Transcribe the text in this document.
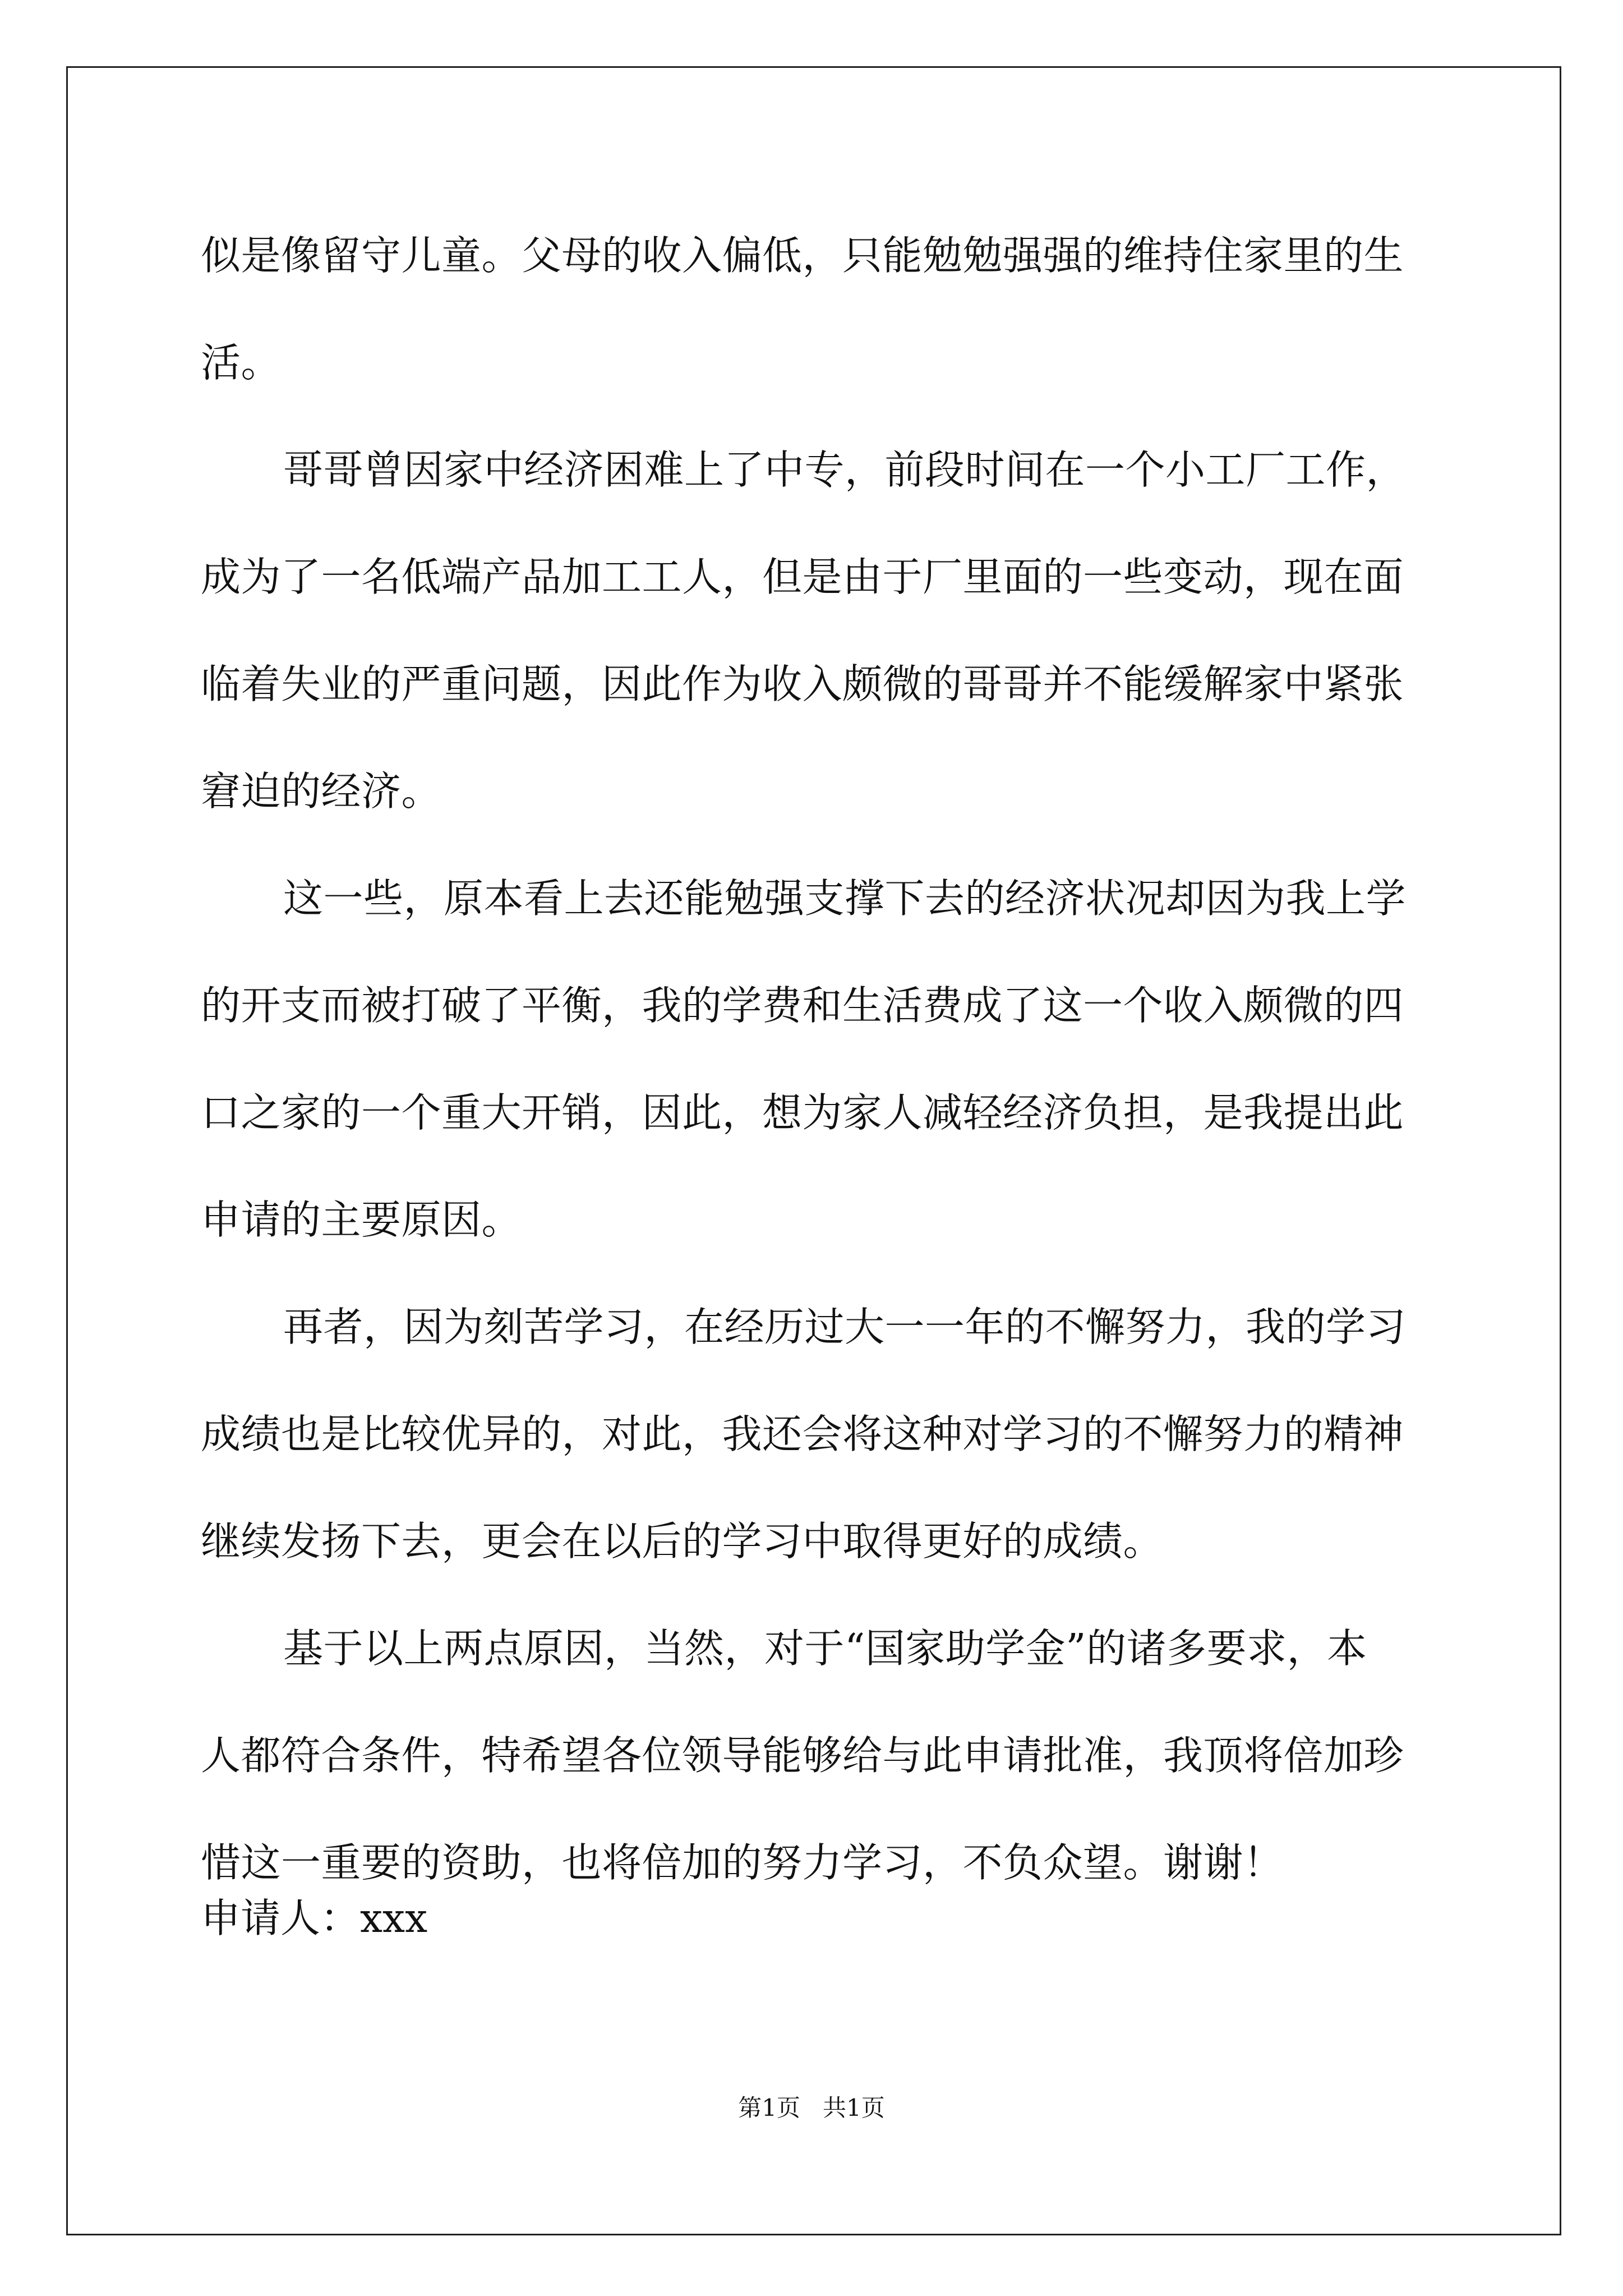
似是像留守儿童。父母的收入偏低，只能勉勉强强的维持住家里的生
活。
哥哥曾因家中经济困难上了中专，前段时间在一个小工厂工作，
成为了一名低端产品加工工人，但是由于厂里面的一些变动，现在面
临着失业的严重问题，因此作为收入颇微的哥哥并不能缓解家中紧张
窘迫的经济。
这一些，原本看上去还能勉强支撑下去的经济状况却因为我上学
的开支而被打破了平衡，我的学费和生活费成了这一个收入颇微的四
口之家的一个重大开销，因此，想为家人减轻经济负担，是我提出此
申请的主要原因。
再者，因为刻苦学习，在经历过大一一年的不懈努力，我的学习
成绩也是比较优异的，对此，我还会将这种对学习的不懈努力的精神
继续发扬下去，更会在以后的学习中取得更好的成绩。
基于以上两点原因，当然，对于“国家助学金”的诸多要求，本
人都符合条件，特希望各位领导能够给与此申请批准，我顶将倍加珍
惜这一重要的资助，也将倍加的努力学习，不负众望。谢谢！
申请人：xxx
第1页   共1页
